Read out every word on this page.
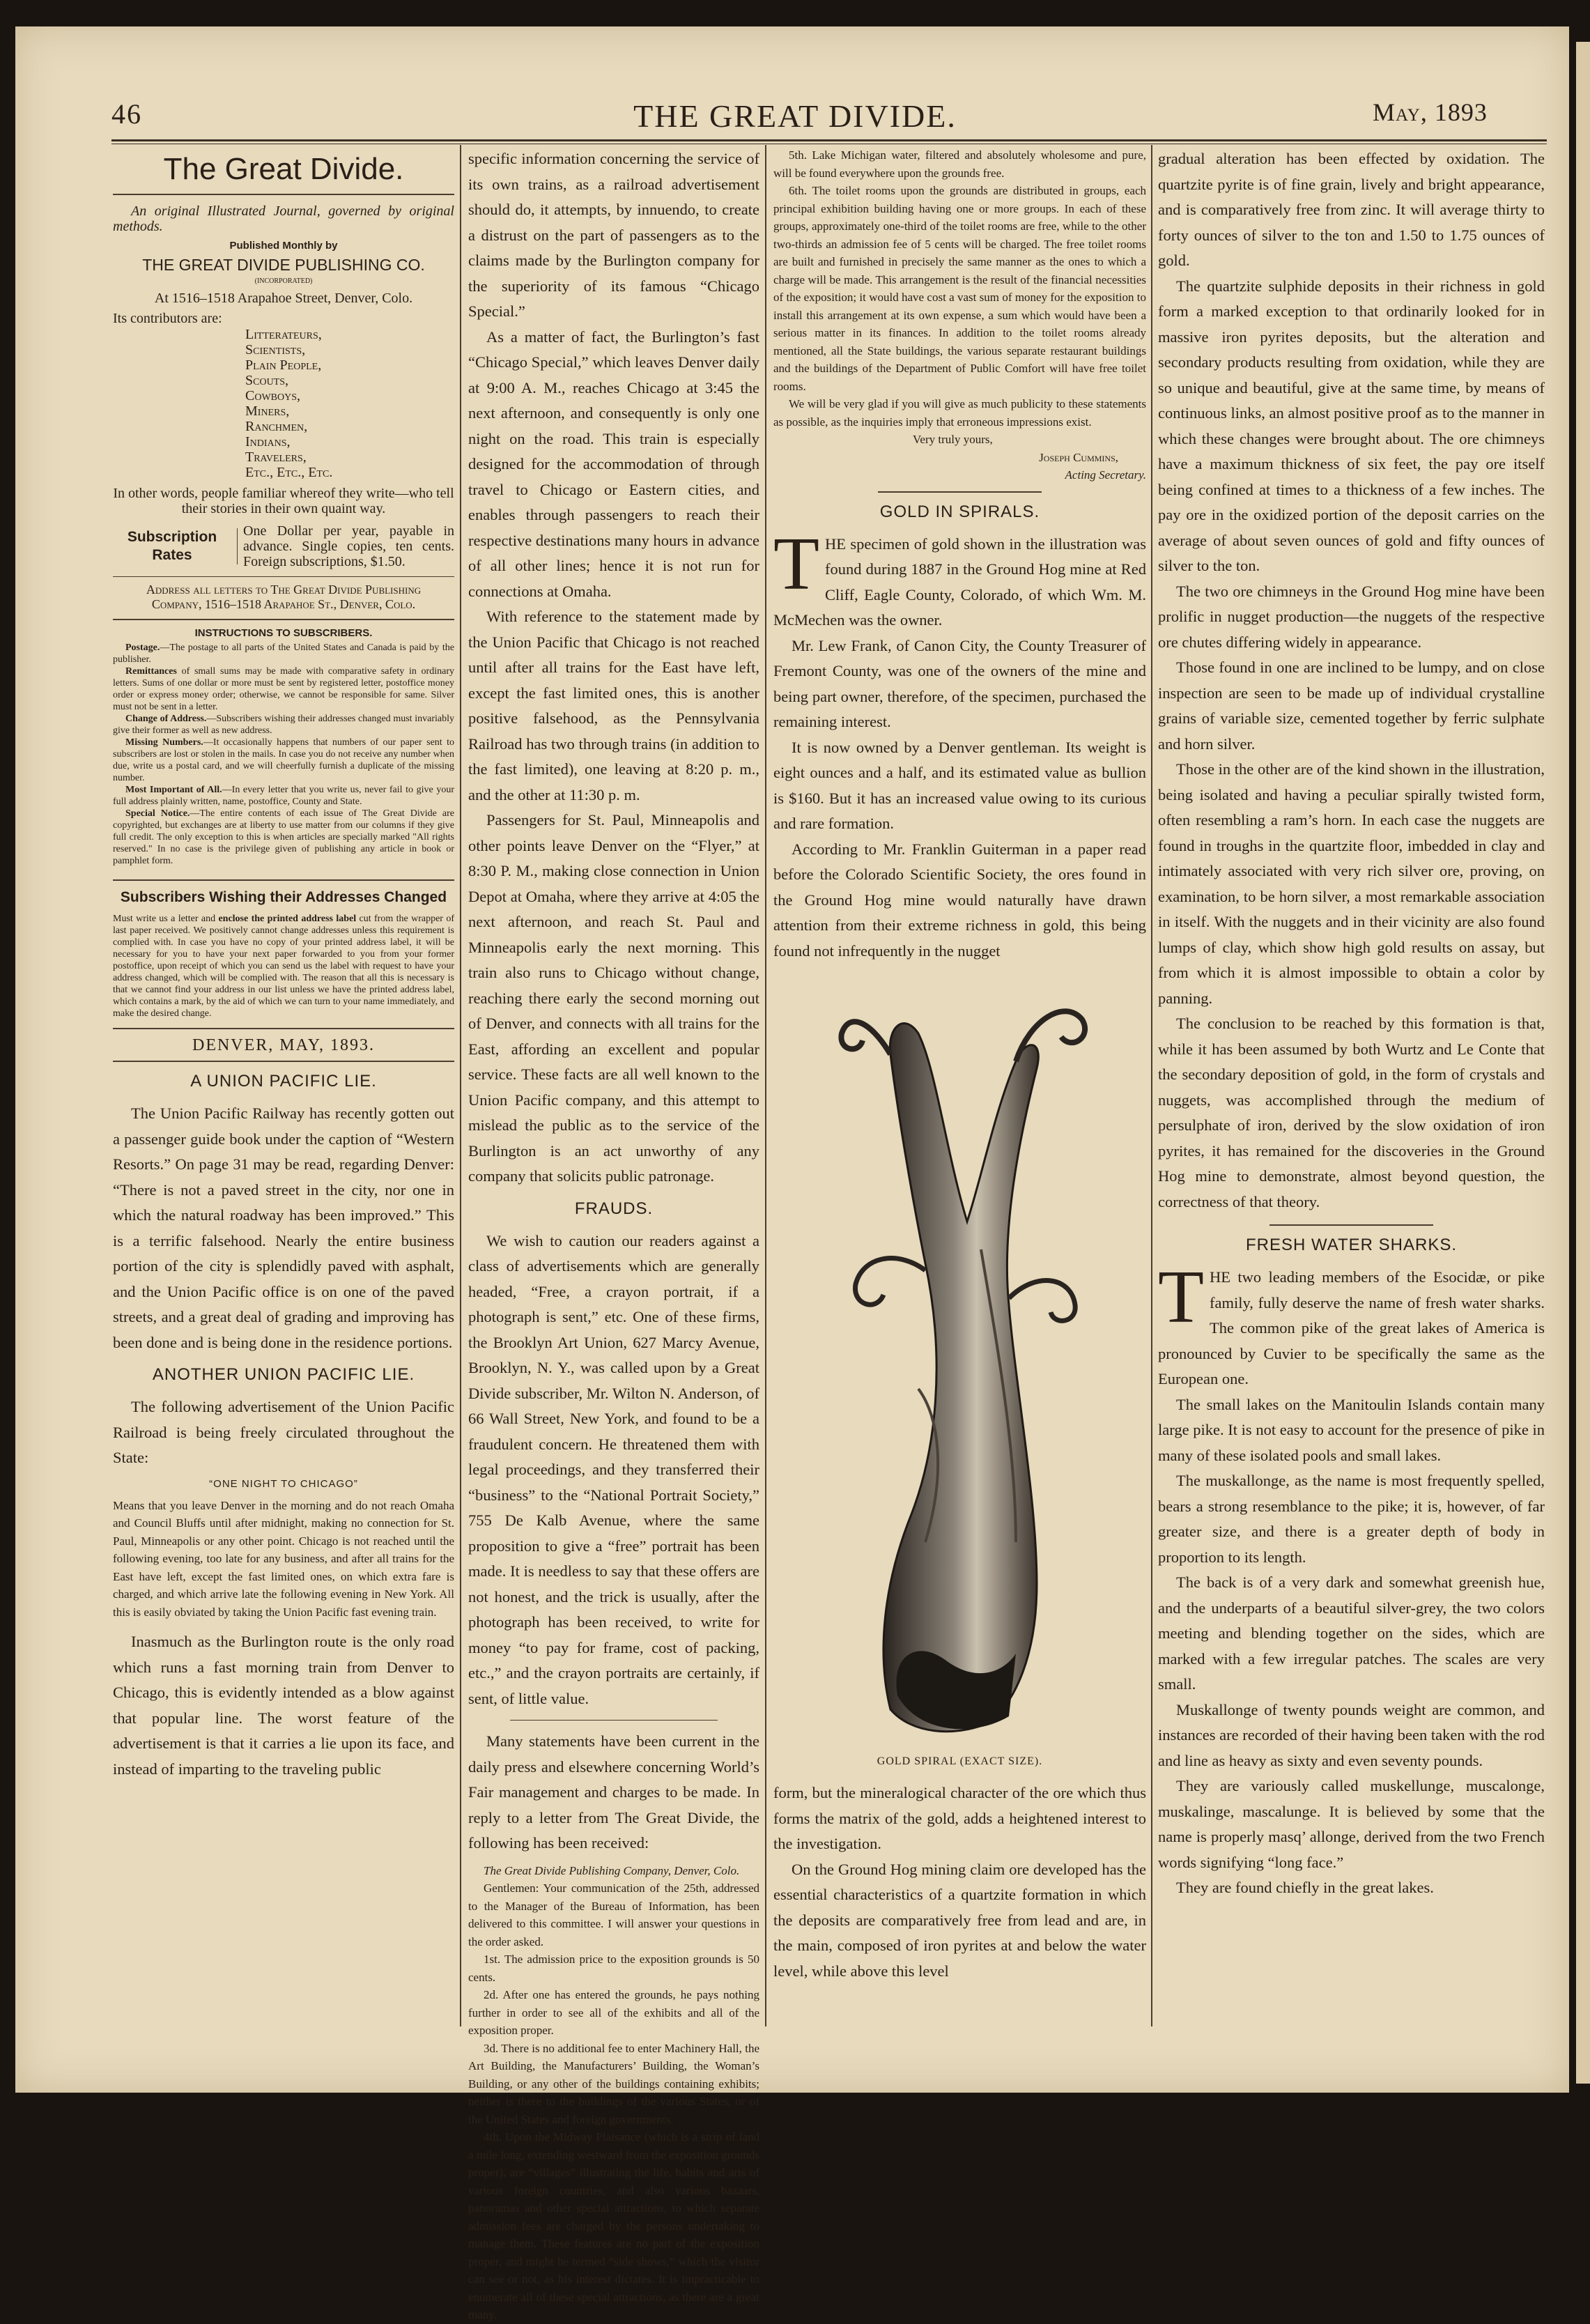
46	THE GREAT DIVIDE.	May, 1893
The Great Divide.
An original Illustrated Journal, governed by original methods.
Published Monthly by
THE GREAT DIVIDE PUBLISHING CO.
(INCORPORATED)
At 1516–1518 Arapahoe Street, Denver, Colo.
Its contributors are:
Litterateurs,
Scientists,
Plain People,
Scouts,
Cowboys,
Miners,
Ranchmen,
Indians,
Travelers,
Etc., Etc., Etc.
In other words, people familiar whereof they write—who tell their stories in their own quaint way.
Subscription Rates
One Dollar per year, payable in advance. Single copies, ten cents. Foreign subscriptions, $1.50.
Address all letters to The Great Divide Publishing Company, 1516–1518 Arapahoe St., Denver, Colo.
INSTRUCTIONS TO SUBSCRIBERS.

Postage.—The postage to all parts of the United States and Canada is paid by the publisher.

Remittances of small sums may be made with comparative safety in ordinary letters. Sums of one dollar or more must be sent by registered letter, postoffice money order or express money order; otherwise, we cannot be responsible for same. Silver must not be sent in a letter.

Change of Address.—Subscribers wishing their addresses changed must invariably give their former as well as new address.

Missing Numbers.—It occasionally happens that numbers of our paper sent to subscribers are lost or stolen in the mails. In case you do not receive any number when due, write us a postal card, and we will cheerfully furnish a duplicate of the missing number.

Most Important of All.—In every letter that you write us, never fail to give your full address plainly written, name, postoffice, County and State.

Special Notice.—The entire contents of each issue of The Great Divide are copyrighted, but exchanges are at liberty to use matter from our columns if they give full credit. The only exception to this is when articles are specially marked "All rights reserved." In no case is the privilege given of publishing any article in book or pamphlet form.

Subscribers Wishing their Addresses Changed

Must write us a letter and enclose the printed address label cut from the wrapper of last paper received. We positively cannot change addresses unless this requirement is complied with. In case you have no copy of your printed address label, it will be necessary for you to have your next paper forwarded to you from your former postoffice, upon receipt of which you can send us the label with request to have your address changed, which will be complied with. The reason that all this is necessary is that we cannot find your address in our list unless we have the printed address label, which contains a mark, by the aid of which we can turn to your name immediately, and make the desired change.

DENVER, MAY, 1893.
A UNION PACIFIC LIE.

The Union Pacific Railway has recently gotten out a passenger guide book under the caption of “Western Resorts.” On page 31 may be read, regarding Denver: “There is not a paved street in the city, nor one in which the natural roadway has been improved.” This is a terrific falsehood. Nearly the entire business portion of the city is splendidly paved with asphalt, and the Union Pacific office is on one of the paved streets, and a great deal of grading and improving has been done and is being done in the residence portions.

ANOTHER UNION PACIFIC LIE.

The following advertisement of the Union Pacific Railroad is being freely circulated throughout the State:

“ONE NIGHT TO CHICAGO”

Means that you leave Denver in the morning and do not reach Omaha and Council Bluffs until after midnight, making no connection for St. Paul, Minneapolis or any other point. Chicago is not reached until the following evening, too late for any business, and after all trains for the East have left, except the fast limited ones, on which extra fare is charged, and which arrive late the following evening in New York. All this is easily obviated by taking the Union Pacific fast evening train.

Inasmuch as the Burlington route is the only road which runs a fast morning train from Denver to Chicago, this is evidently intended as a blow against that popular line. The worst feature of the advertisement is that it carries a lie upon its face, and instead of imparting to the traveling public

specific information concerning the service of its own trains, as a railroad advertisement should do, it attempts, by innuendo, to create a distrust on the part of passengers as to the claims made by the Burlington company for the superiority of its famous “Chicago Special.”

As a matter of fact, the Burlington’s fast “Chicago Special,” which leaves Denver daily at 9:00 A. M., reaches Chicago at 3:45 the next afternoon, and consequently is only one night on the road. This train is especially designed for the accommodation of through travel to Chicago or Eastern cities, and enables through passengers to reach their respective destinations many hours in advance of all other lines; hence it is not run for connections at Omaha.

With reference to the statement made by the Union Pacific that Chicago is not reached until after all trains for the East have left, except the fast limited ones, this is another positive falsehood, as the Pennsylvania Railroad has two through trains (in addition to the fast limited), one leaving at 8:20 p. m., and the other at 11:30 p. m.

Passengers for St. Paul, Minneapolis and other points leave Denver on the “Flyer,” at 8:30 P. M., making close connection in Union Depot at Omaha, where they arrive at 4:05 the next afternoon, and reach St. Paul and Minneapolis early the next morning. This train also runs to Chicago without change, reaching there early the second morning out of Denver, and connects with all trains for the East, affording an excellent and popular service. These facts are all well known to the Union Pacific company, and this attempt to mislead the public as to the service of the Burlington is an act unworthy of any company that solicits public patronage.

FRAUDS.

We wish to caution our readers against a class of advertisements which are generally headed, “Free, a crayon portrait, if a photograph is sent,” etc. One of these firms, the Brooklyn Art Union, 627 Marcy Avenue, Brooklyn, N. Y., was called upon by a Great Divide subscriber, Mr. Wilton N. Anderson, of 66 Wall Street, New York, and found to be a fraudulent concern. He threatened them with legal proceedings, and they transferred their “business” to the “National Portrait Society,” 755 De Kalb Avenue, where the same proposition to give a “free” portrait has been made. It is needless to say that these offers are not honest, and the trick is usually, after the photograph has been received, to write for money “to pay for frame, cost of packing, etc.,” and the crayon portraits are certainly, if sent, of little value.

Many statements have been current in the daily press and elsewhere concerning World’s Fair management and charges to be made. In reply to a letter from The Great Divide, the following has been received:

The Great Divide Publishing Company, Denver, Colo.

Gentlemen: Your communication of the 25th, addressed to the Manager of the Bureau of Information, has been delivered to this committee. I will answer your questions in the order asked.

1st. The admission price to the exposition grounds is 50 cents.

2d. After one has entered the grounds, he pays nothing further in order to see all of the exhibits and all of the exposition proper.

3d. There is no additional fee to enter Machinery Hall, the Art Building, the Manufacturers’ Building, the Woman’s Building, or any other of the buildings containing exhibits; neither is there to the buildings of the various States, or of the United States and foreign governments.

4th. Upon the Midway Plaisance (which is a strip of land a mile long, extending westward from the exposition grounds proper), are “villages” illustrating the life, habits and arts of various foreign countries, and also various bazaars, panoramas and other special attractions, to which separate admission fees are charged by the persons undertaking to manage them. These features are no part of the exposition proper, and might be termed “side shows,” which the visitor can see or not, as his interest dictates. It is impracticable to enumerate all of these special attractions, as there are a great many.

5th. Lake Michigan water, filtered and absolutely wholesome and pure, will be found everywhere upon the grounds free.

6th. The toilet rooms upon the grounds are distributed in groups, each principal exhibition building having one or more groups. In each of these groups, approximately one-third of the toilet rooms are free, while to the other two-thirds an admission fee of 5 cents will be charged. The free toilet rooms are built and furnished in precisely the same manner as the ones to which a charge will be made. This arrangement is the result of the financial necessities of the exposition; it would have cost a vast sum of money for the exposition to install this arrangement at its own expense, a sum which would have been a serious matter in its finances. In addition to the toilet rooms already mentioned, all the State buildings, the various separate restaurant buildings and the buildings of the Department of Public Comfort will have free toilet rooms.

We will be very glad if you will give as much publicity to these statements as possible, as the inquiries imply that erroneous impressions exist.

Very truly yours,

Joseph Cummins,

Acting Secretary.

GOLD IN SPIRALS.

THE specimen of gold shown in the illustration was found during 1887 in the Ground Hog mine at Red Cliff, Eagle County, Colorado, of which Wm. M. McMechen was the owner.

Mr. Lew Frank, of Canon City, the County Treasurer of Fremont County, was one of the owners of the mine and being part owner, therefore, of the specimen, purchased the remaining interest.

It is now owned by a Denver gentleman. Its weight is eight ounces and a half, and its estimated value as bullion is $160. But it has an increased value owing to its curious and rare formation.

According to Mr. Franklin Guiterman in a paper read before the Colorado Scientific Society, the ores found in the Ground Hog mine would naturally have drawn attention from their extreme richness in gold, this being found not infrequently in the nugget

GOLD SPIRAL (EXACT SIZE).

form, but the mineralogical character of the ore which thus forms the matrix of the gold, adds a heightened interest to the investigation.

On the Ground Hog mining claim ore developed has the essential characteristics of a quartzite formation in which the deposits are comparatively free from lead and are, in the main, composed of iron pyrites at and below the water level, while above this level

gradual alteration has been effected by oxidation. The quartzite pyrite is of fine grain, lively and bright appearance, and is comparatively free from zinc. It will average thirty to forty ounces of silver to the ton and 1.50 to 1.75 ounces of gold.

The quartzite sulphide deposits in their richness in gold form a marked exception to that ordinarily looked for in massive iron pyrites deposits, but the alteration and secondary products resulting from oxidation, while they are so unique and beautiful, give at the same time, by means of continuous links, an almost positive proof as to the manner in which these changes were brought about. The ore chimneys have a maximum thickness of six feet, the pay ore itself being confined at times to a thickness of a few inches. The pay ore in the oxidized portion of the deposit carries on the average of about seven ounces of gold and fifty ounces of silver to the ton.

The two ore chimneys in the Ground Hog mine have been prolific in nugget production—the nuggets of the respective ore chutes differing widely in appearance.

Those found in one are inclined to be lumpy, and on close inspection are seen to be made up of individual crystalline grains of variable size, cemented together by ferric sulphate and horn silver.

Those in the other are of the kind shown in the illustration, being isolated and having a peculiar spirally twisted form, often resembling a ram’s horn. In each case the nuggets are found in troughs in the quartzite floor, imbedded in clay and intimately associated with very rich silver ore, proving, on examination, to be horn silver, a most remarkable association in itself. With the nuggets and in their vicinity are also found lumps of clay, which show high gold results on assay, but from which it is almost impossible to obtain a color by panning.

The conclusion to be reached by this formation is that, while it has been assumed by both Wurtz and Le Conte that the secondary deposition of gold, in the form of crystals and nuggets, was accomplished through the medium of persulphate of iron, derived by the slow oxidation of iron pyrites, it has remained for the discoveries in the Ground Hog mine to demonstrate, almost beyond question, the correctness of that theory.

FRESH WATER SHARKS.

THE two leading members of the Esocidæ, or pike family, fully deserve the name of fresh water sharks. The common pike of the great lakes of America is pronounced by Cuvier to be specifically the same as the European one.

The small lakes on the Manitoulin Islands contain many large pike. It is not easy to account for the presence of pike in many of these isolated pools and small lakes.

The muskallonge, as the name is most frequently spelled, bears a strong resemblance to the pike; it is, however, of far greater size, and there is a greater depth of body in proportion to its length.

The back is of a very dark and somewhat greenish hue, and the underparts of a beautiful silver-grey, the two colors meeting and blending together on the sides, which are marked with a few irregular patches. The scales are very small.

Muskallonge of twenty pounds weight are common, and instances are recorded of their having been taken with the rod and line as heavy as sixty and even seventy pounds.

They are variously called muskellunge, muscalonge, muskalinge, mascalunge. It is believed by some that the name is properly masq’ allonge, derived from the two French words signifying “long face.”

They are found chiefly in the great lakes.
